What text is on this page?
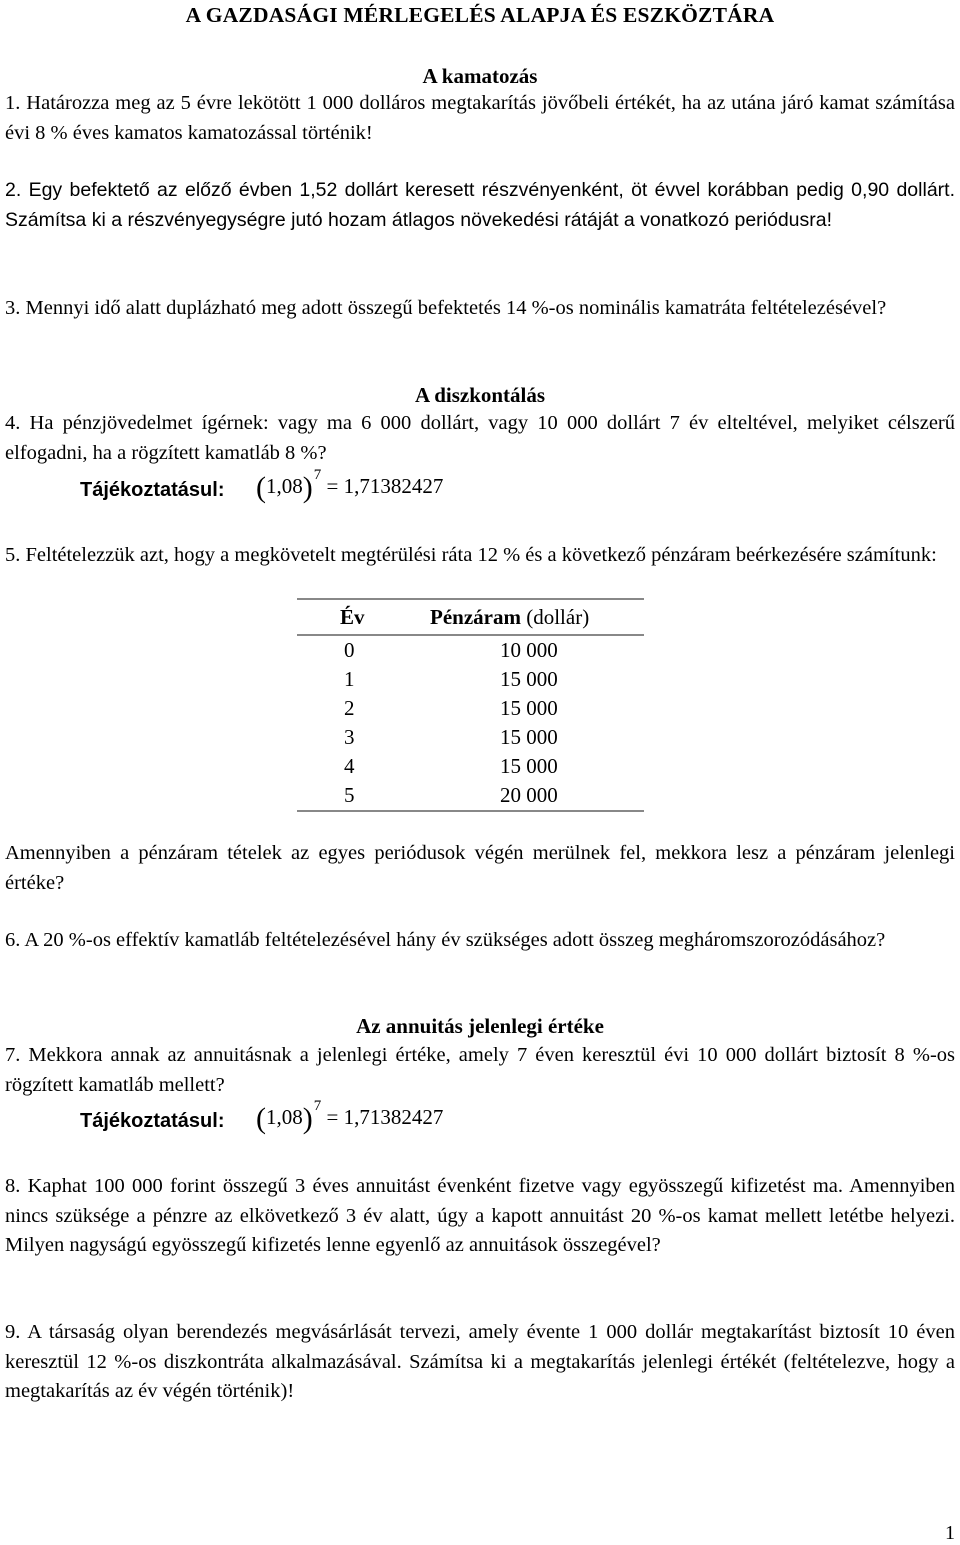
A GAZDASÁGI MÉRLEGELÉS ALAPJA ÉS ESZKÖZTÁRA
A kamatozás

1. Határozza meg az 5 évre lekötött 1 000 dolláros megtakarítás jövőbeli értékét, ha az utána járó kamat számítása évi 8 % éves kamatos kamatozással történik!

2. Egy befektető az előző évben 1,52 dollárt keresett részvényenként, öt évvel korábban pedig 0,90 dollárt. Számítsa ki a részvényegységre jutó hozam átlagos növekedési rátáját a vonatkozó periódusra!

3. Mennyi idő alatt duplázható meg adott összegű befektetés 14 %-os nominális kamatráta feltételezésével?

A diszkontálás

4. Ha pénzjövedelmet ígérnek: vagy ma 6 000 dollárt, vagy 10 000 dollárt 7 év elteltével, melyiket célszerű elfogadni, ha a rögzített kamatláb 8 %?

Tájékoztatásul: $(1,08)^7 = 1,71382427$

5. Feltételezzük azt, hogy a megkövetelt megtérülési ráta 12 % és a következő pénzáram beérkezésére számítunk:

Év	Pénzáram (dollár)
0	10 000
1	15 000
2	15 000
3	15 000
4	15 000
5	20 000

Amennyiben a pénzáram tételek az egyes periódusok végén merülnek fel, mekkora lesz a pénzáram jelenlegi értéke?

6. A 20 %-os effektív kamatláb feltételezésével hány év szükséges adott összeg megháromszorozódásához?

Az annuitás jelenlegi értéke

7. Mekkora annak az annuitásnak a jelenlegi értéke, amely 7 éven keresztül évi 10 000 dollárt biztosít 8 %-os rögzített kamatláb mellett?

Tájékoztatásul: $(1,08)^7 = 1,71382427$

8. Kaphat 100 000 forint összegű 3 éves annuitást évenként fizetve vagy egyösszegű kifizetést ma. Amennyiben nincs szüksége a pénzre az elkövetkező 3 év alatt, úgy a kapott annuitást 20 %-os kamat mellett letétbe helyezi. Milyen nagyságú egyösszegű kifizetés lenne egyenlő az annuitások összegével?

9. A társaság olyan berendezés megvásárlását tervezi, amely évente 1 000 dollár megtakarítást biztosít 10 éven keresztül 12 %-os diszkontráta alkalmazásával. Számítsa ki a megtakarítás jelenlegi értékét (feltételezve, hogy a megtakarítás az év végén történik)!

1
